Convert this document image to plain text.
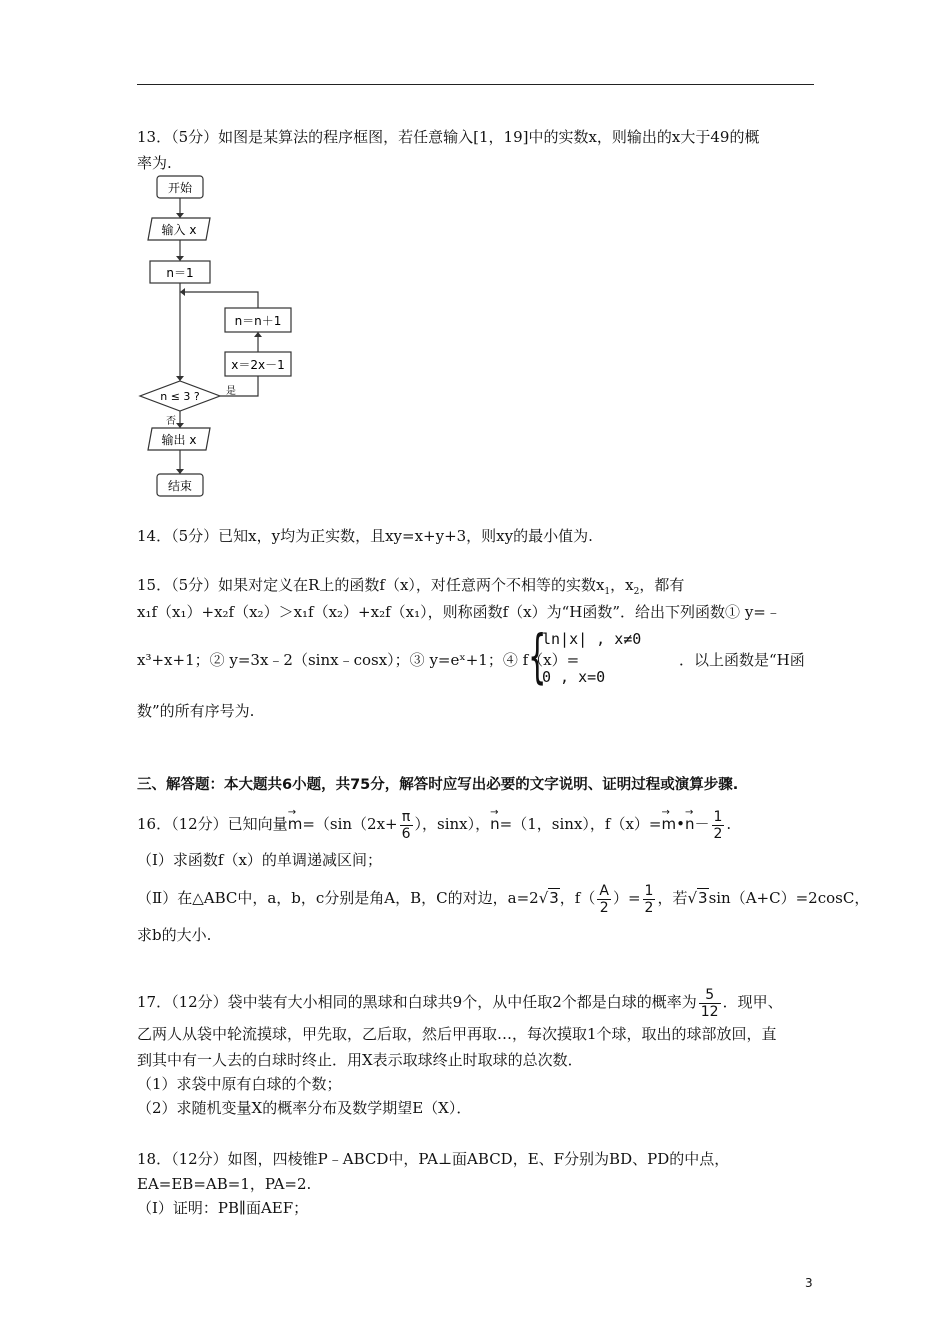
13．（5分）如图是某算法的程序框图，若任意输入[1，19]中的实数x，则输出的x大于49的概
率为.
开始
输入 x
n＝1
n＝n＋1
x＝2x－1
n ≤ 3 ?	是
否
输出 x
结束
14．（5分）已知x，y均为正实数，且xy=x+y+3，则xy的最小值为.
15．（5分）如果对定义在R上的函数f（x），对任意两个不相等的实数$x_1$，$x_2$，都有
x₁f（x₁）+x₂f（x₂）＞x₁f（x₂）+x₂f（x₁），则称函数f（x）为“H函数”．给出下列函数① y=﹣
x³+x+1；② y=3x﹣2（sinx﹣cosx）；③ y=eˣ+1；④ f（x）=
{
ln|x| , x≠0
0 , x=0
．以上函数是“H函
数”的所有序号为.
三、解答题：本大题共6小题，共75分，解答时应写出必要的文字说明、证明过程或演算步骤.
16．（12分）已知向量→ $m=(\sin(2x+ \frac{\pi}{6}$ ），sinx），→ n=（1，sinx），f（x）=→ m•→ $n- \frac{1}{2}$ .
（Ⅰ）求函数f（x）的单调递减区间；
（Ⅱ）在△ABC中，a，b，c分别是角A，B，C的对边，a=2√3，$f( \frac{A}{2}$ ）= $\frac{1}{2}$ ，若√3sin（A+C）=2cosC，
求b的大小.
17．（12分）袋中装有大小相同的黑球和白球共9个，从中任取2个都是白球的概率为 $\frac{5}{12}$ ．现甲、
乙两人从袋中轮流摸球，甲先取，乙后取，然后甲再取…，每次摸取1个球，取出的球部放回，直
到其中有一人去的白球时终止．用X表示取球终止时取球的总次数．
（1）求袋中原有白球的个数；
（2）求随机变量X的概率分布及数学期望E（X）．
18．（12分）如图，四棱锥P﹣ABCD中，PA⊥面ABCD，E、F分别为BD、PD的中点，
EA=EB=AB=1，PA=2.
（Ⅰ）证明：PB∥面AEF；
3
